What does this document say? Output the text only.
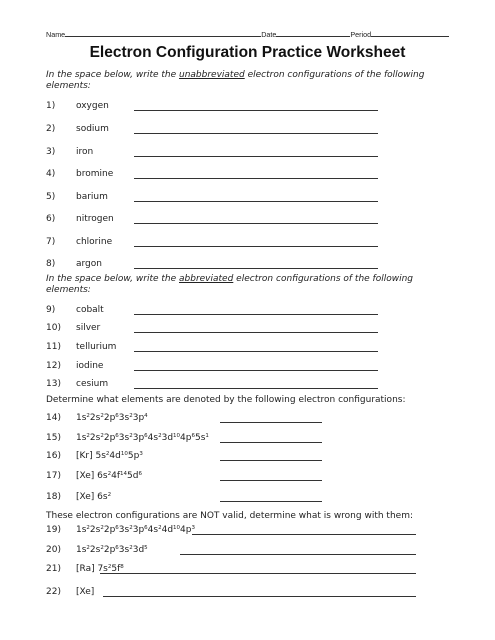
Name	Date	Period
Electron Configuration Practice Worksheet
In the space below, write the unabbreviated electron configurations of the following elements:
1) oxygen
2) sodium
3) iron
4) bromine
5) barium
6) nitrogen
7) chlorine
8) argon
In the space below, write the abbreviated electron configurations of the following elements:
9) cobalt
10) silver
11) tellurium
12) iodine
13) cesium
Determine what elements are denoted by the following electron configurations:
14) $1s^22s^22p^63s^23p^4$
15) $1s^22s^22p^63s^23p^64s^23d^{10}4p^65s^1$
16) [Kr] $5s^24d^{10}5p^3$
17) [Xe] $6s^24f^{14}5d^6$
18) [Xe] $6s^2$
These electron configurations are NOT valid, determine what is wrong with them:
19) $1s^22s^22p^63s^23p^64s^24d^{10}4p^3$
20) $1s^22s^22p^63s^23d^5$
21) [Ra] $7s^25f^8$
22) [Xe]
